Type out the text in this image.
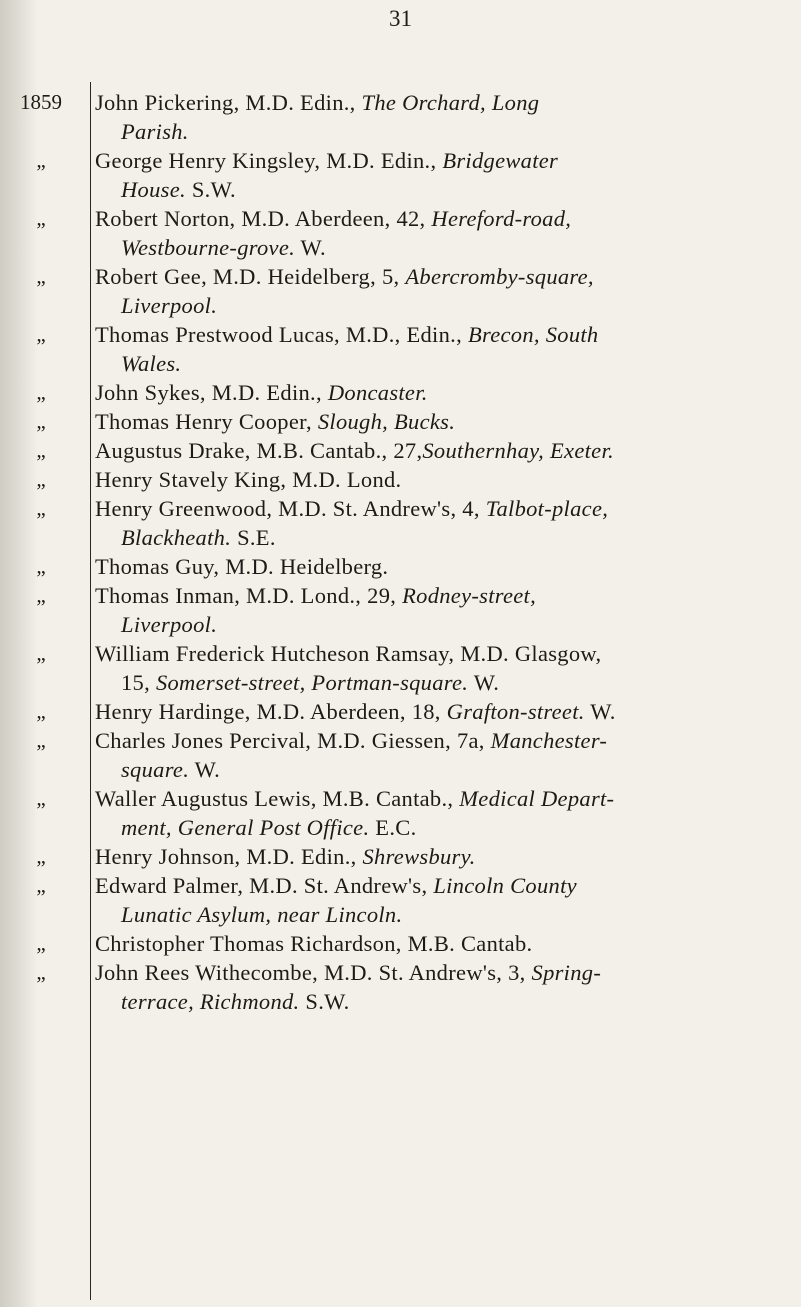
31
1859	John Pickering, M.D. Edin., The Orchard, Long
Parish.
„	George Henry Kingsley, M.D. Edin., Bridgewater
House. S.W.
„	Robert Norton, M.D. Aberdeen, 42, Hereford-road,
Westbourne-grove. W.
„	Robert Gee, M.D. Heidelberg, 5, Abercromby-square,
Liverpool.
„	Thomas Prestwood Lucas, M.D., Edin., Brecon, South
Wales.
„	John Sykes, M.D. Edin., Doncaster.
„	Thomas Henry Cooper, Slough, Bucks.
„	Augustus Drake, M.B. Cantab., 27,Southernhay, Exeter.
„	Henry Stavely King, M.D. Lond.
„	Henry Greenwood, M.D. St. Andrew's, 4, Talbot-place,
Blackheath. S.E.
„	Thomas Guy, M.D. Heidelberg.
„	Thomas Inman, M.D. Lond., 29, Rodney-street,
Liverpool.
„	William Frederick Hutcheson Ramsay, M.D. Glasgow,
15, Somerset-street, Portman-square. W.
„	Henry Hardinge, M.D. Aberdeen, 18, Grafton-street. W.
„	Charles Jones Percival, M.D. Giessen, 7a, Manchester-
square. W.
„	Waller Augustus Lewis, M.B. Cantab., Medical Depart-
ment, General Post Office. E.C.
„	Henry Johnson, M.D. Edin., Shrewsbury.
„	Edward Palmer, M.D. St. Andrew's, Lincoln County
Lunatic Asylum, near Lincoln.
„	Christopher Thomas Richardson, M.B. Cantab.
„	John Rees Withecombe, M.D. St. Andrew's, 3, Spring-
terrace, Richmond. S.W.
